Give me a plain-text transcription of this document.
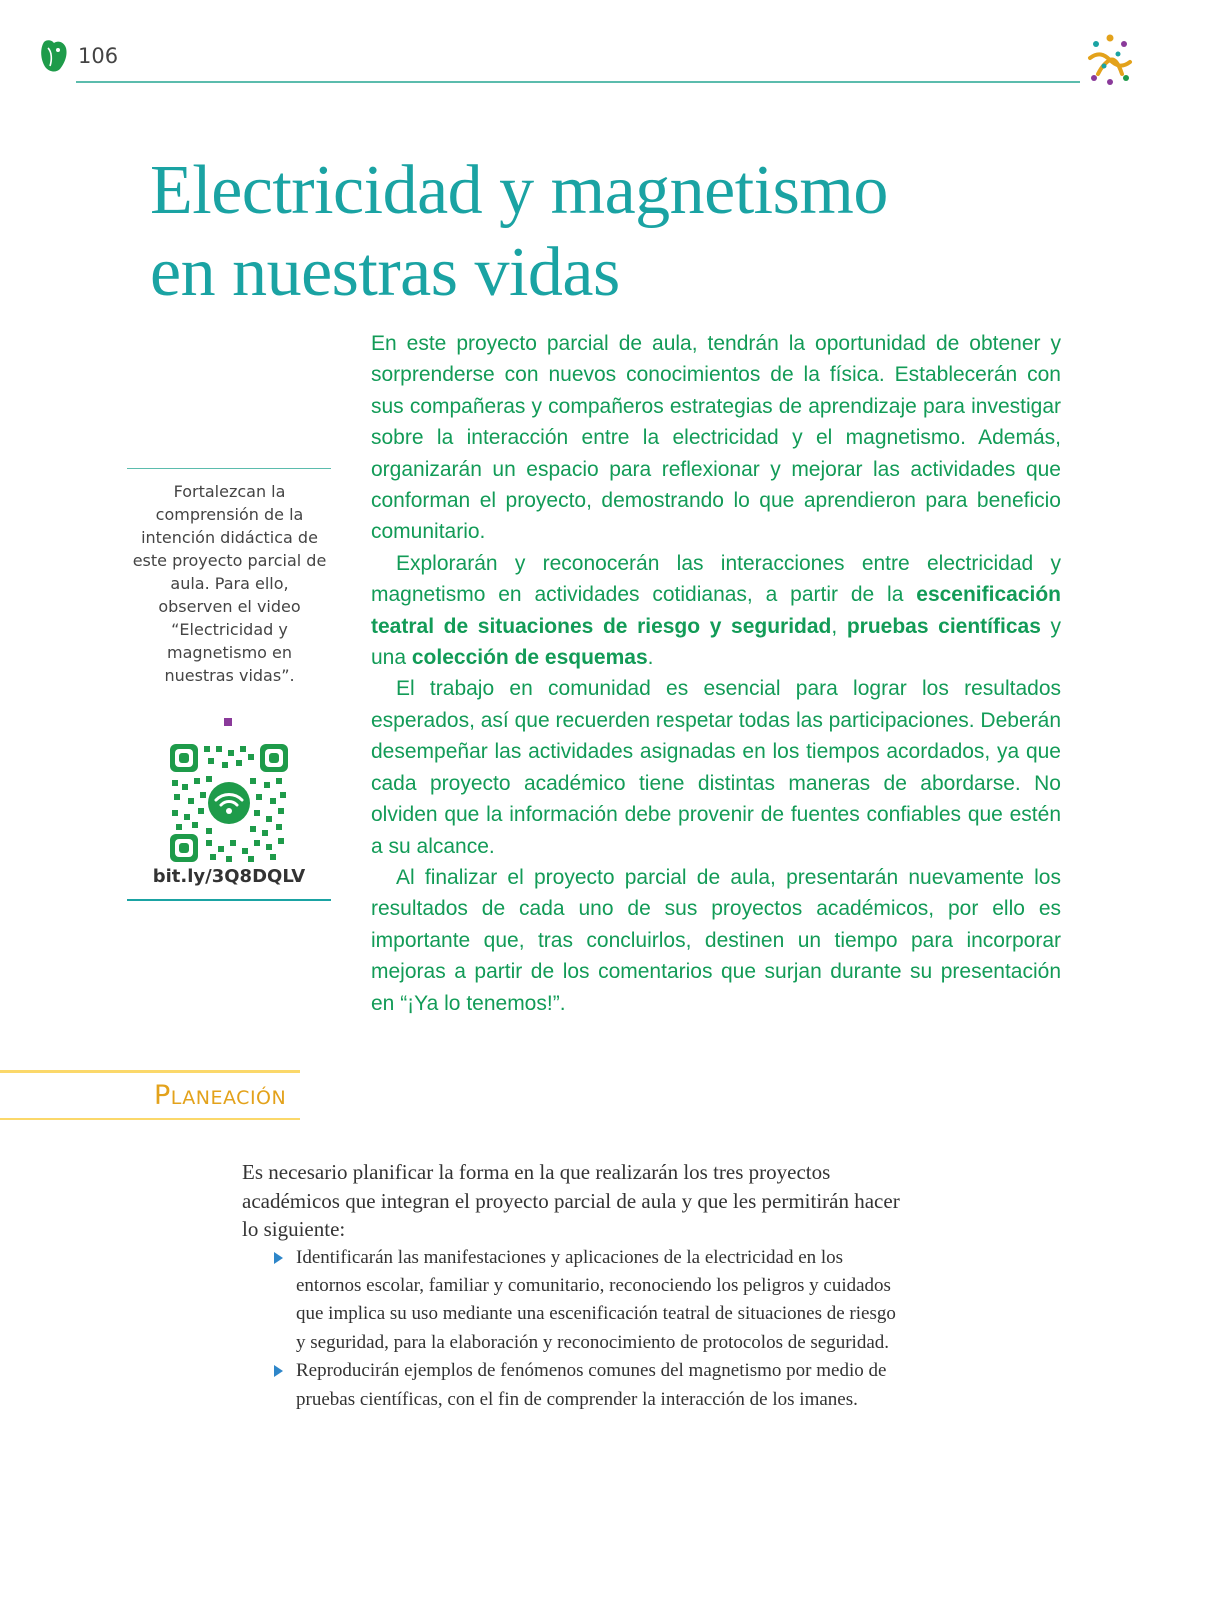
106
Electricidad y magnetismo
en nuestras vidas

En este proyecto parcial de aula, tendrán la oportunidad de obtener y sorprenderse con nuevos conocimientos de la física. Establecerán con sus compañeras y compañeros estrategias de aprendizaje para investigar sobre la interacción entre la electricidad y el magnetismo. Además, organizarán un espacio para reflexionar y mejorar las actividades que conforman el proyecto, demostrando lo que aprendieron para beneficio comunitario.

Explorarán y reconocerán las interacciones entre electricidad y magnetismo en actividades cotidianas, a partir de la escenificación teatral de situaciones de riesgo y seguridad, pruebas científicas y una colección de esquemas.

El trabajo en comunidad es esencial para lograr los resultados esperados, así que recuerden respetar todas las participaciones. Deberán desempeñar las actividades asignadas en los tiempos acordados, ya que cada proyecto académico tiene distintas maneras de abordarse. No olviden que la información debe provenir de fuentes confiables que estén a su alcance.

Al finalizar el proyecto parcial de aula, presentarán nuevamente los resultados de cada uno de sus proyectos académicos, por ello es importante que, tras concluirlos, destinen un tiempo para incorporar mejoras a partir de los comentarios que surjan durante su presentación en “¡Ya lo tenemos!”.

Fortalezcan la comprensión de la intención didáctica de este proyecto parcial de aula. Para ello, observen el video “Electricidad y magnetismo en nuestras vidas”.

bit.ly/3Q8DQLV
Planeación

Es necesario planificar la forma en la que realizarán los tres proyectos académicos que integran el proyecto parcial de aula y que les permitirán hacer lo siguiente:

Identificarán las manifestaciones y aplicaciones de la electricidad en los entornos escolar, familiar y comunitario, reconociendo los peligros y cuidados que implica su uso mediante una escenificación teatral de situaciones de riesgo y seguridad, para la elaboración y reconocimiento de protocolos de seguridad.
Reproducirán ejemplos de fenómenos comunes del magnetismo por medio de pruebas científicas, con el fin de comprender la interacción de los imanes.
